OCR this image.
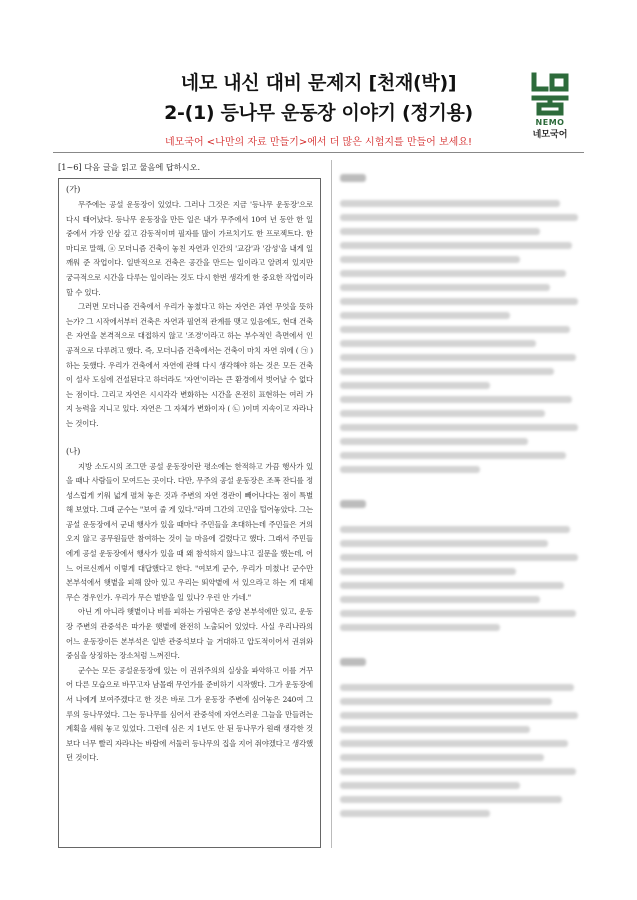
네모 내신 대비 문제지 [천재(박)]
2-(1) 등나무 운동장 이야기 (정기용)
네모국어 <나만의 자료 만들기>에서 더 많은 시험지를 만들어 보세요!
NEMO
네모국어
[1~6] 다음 글을 읽고 물음에 답하시오.
(가)

무주에는 공설 운동장이 있었다. 그러나 그것은 지금 '등나무 운동장'으로 다시 태어났다. 등나무 운동장을 만든 일은 내가 무주에서 10여 년 동안 한 일 중에서 가장 인상 깊고 감동적이며 필자를 많이 가르치기도 한 프로젝트다. 한마디로 말해, ⓐ 모더니즘 건축이 놓친 자연과 인간의 '교감'과 '감성'을 내게 일깨워 준 작업이다. 일반적으로 건축은 공간을 만드는 일이라고 알려져 있지만 궁극적으로 시간을 다루는 일이라는 것도 다시 한번 생각게 한 중요한 작업이라 할 수 있다.

그러면 모더니즘 건축에서 우리가 놓쳤다고 하는 자연은 과연 무엇을 뜻하는가? 그 시작에서부터 건축은 자연과 필연적 관계를 맺고 있음에도, 현대 건축은 자연을 본격적으로 대접하지 않고 '조경'이라고 하는 부수적인 측면에서 인공적으로 다루려고 했다. 즉, 모더니즘 건축에서는 건축이 마치 자연 위에 ( ㉠ )하는 듯했다. 우리가 건축에서 자연에 관해 다시 생각해야 하는 것은 모든 건축이 설사 도심에 건설된다고 하더라도 '자연'이라는 큰 환경에서 벗어날 수 없다는 점이다. 그리고 자연은 시시각각 변화하는 시간을 온전히 표현하는 여러 가지 능력을 지니고 있다. 자연은 그 자체가 변화이자 ( ㉡ )이며 지속이고 자라나는 것이다.

(나)

지방 소도시의 조그만 공설 운동장이란 평소에는 한적하고 가끔 행사가 있을 때나 사람들이 모여드는 곳이다. 다만, 무주의 공설 운동장은 조폭 잔디를 정성스럽게 키워 넓게 펼쳐 놓은 것과 주변의 자연 경관이 빼어나다는 점이 특별해 보였다. 그때 군수는 "보여 줄 게 있다."라며 그간의 고민을 털어놓았다. 그는 공설 운동장에서 군내 행사가 있을 때마다 주민들을 초대하는데 주민들은 거의 오지 않고 공무원들만 참여하는 것이 늘 마음에 걸렸다고 했다. 그래서 주민들에게 공설 운동장에서 행사가 있을 때 왜 참석하지 않느냐고 질문을 했는데, 어느 어르신께서 이렇게 대답했다고 한다. "여보게 군수, 우리가 미쳤나! 군수만 본부석에서 햇볕을 피해 앉아 있고 우리는 뙤약볕에 서 있으라고 하는 게 대체 무슨 경우인가. 우리가 무슨 벌받을 일 있나? 우린 안 가네."

아닌 게 아니라 햇볕이나 비를 피하는 가림막은 중앙 본부석에만 있고, 운동장 주변의 관중석은 따가운 햇볕에 완전히 노출되어 있었다. 사실 우리나라의 어느 운동장이든 본부석은 일반 관중석보다 늘 거대하고 압도적이어서 권위와 중심을 상징하는 장소처럼 느껴진다.

군수는 모든 공설운동장에 있는 이 권위주의의 실상을 파악하고 이를 거꾸어 다른 모습으로 바꾸고자 남몰래 무언가를 준비하기 시작했다. 그가 운동장에서 나에게 보여주겠다고 한 것은 바로 그가 운동장 주변에 심어놓은 240여 그루의 등나무였다. 그는 등나무를 심어서 관중석에 자연스러운 그늘을 만들려는 계획을 세워 놓고 있었다. 그런데 심은 지 1년도 안 된 등나무가 원래 생각한 것보다 너무 빨리 자라나는 바람에 서둘러 등나무의 집을 지어 줘야겠다고 생각했던 것이다.
